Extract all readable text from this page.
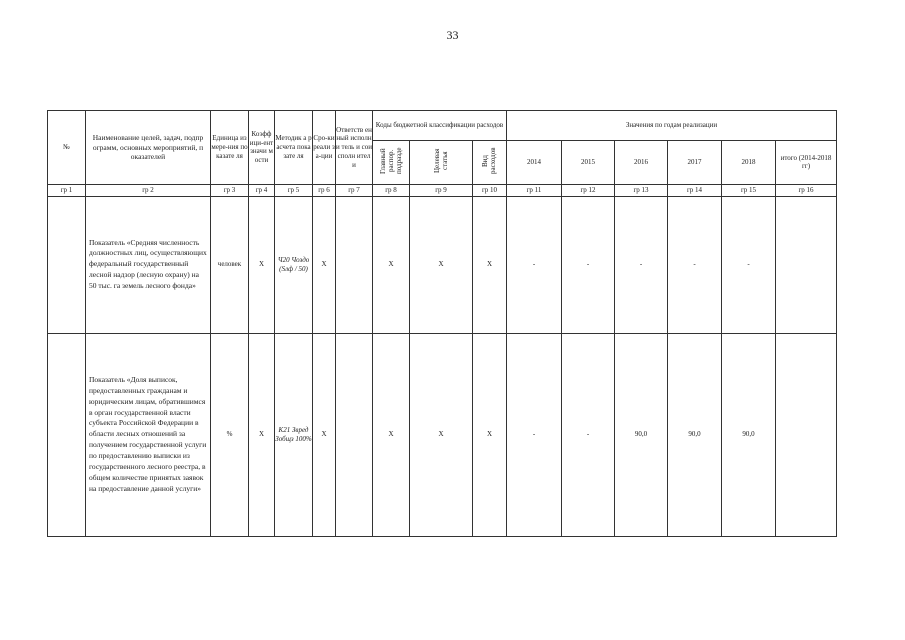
33
№	Наименование целей, задач, подпрограмм, основных мероприятий, показателей	Единица измере-ния показате ля	Коэфф ици-ент значи мости	Методик а расчета показате ля	Сро-ки реали за-ции	Ответств енный исполни тель и соисполн ители	Коды бюджетной классификации расходов			Значения по годам реализации					
							Главный распор. подразде	Целевая статья	Вид расходов	2014	2015	2016	2017	2018	итого (2014-2018 гг)
гр 1	гр 2	гр 3	гр 4	гр 5	гр 6	гр 7	гр 8	гр 9	гр 10	гр 11	гр 12	гр 13	гр 14	гр 15	гр 16
	Показатель «Средняя численность должностных лиц, осуществляющих федеральный государственный лесной надзор (лесную охрану) на 50 тыс. га земель лесного фонда»	человек	Х	Ч20 Чоздо (Sлф / 50)	Х		Х	Х	Х	-	-	-	-	-	
	Показатель «Доля выписок, предоставленных гражданам и юридическим лицам, обратившимся в орган государственной власти субъекта Российской Федерации в области лесных отношений за получением государственной услуги по предоставлению выписки из государственного лесного реестра, в общем количестве принятых заявок на предоставление данной услуги»	%	Х	К21 Звред Зобщз 100%	Х		Х	Х	Х	-	-	90,0	90,0	90,0	
